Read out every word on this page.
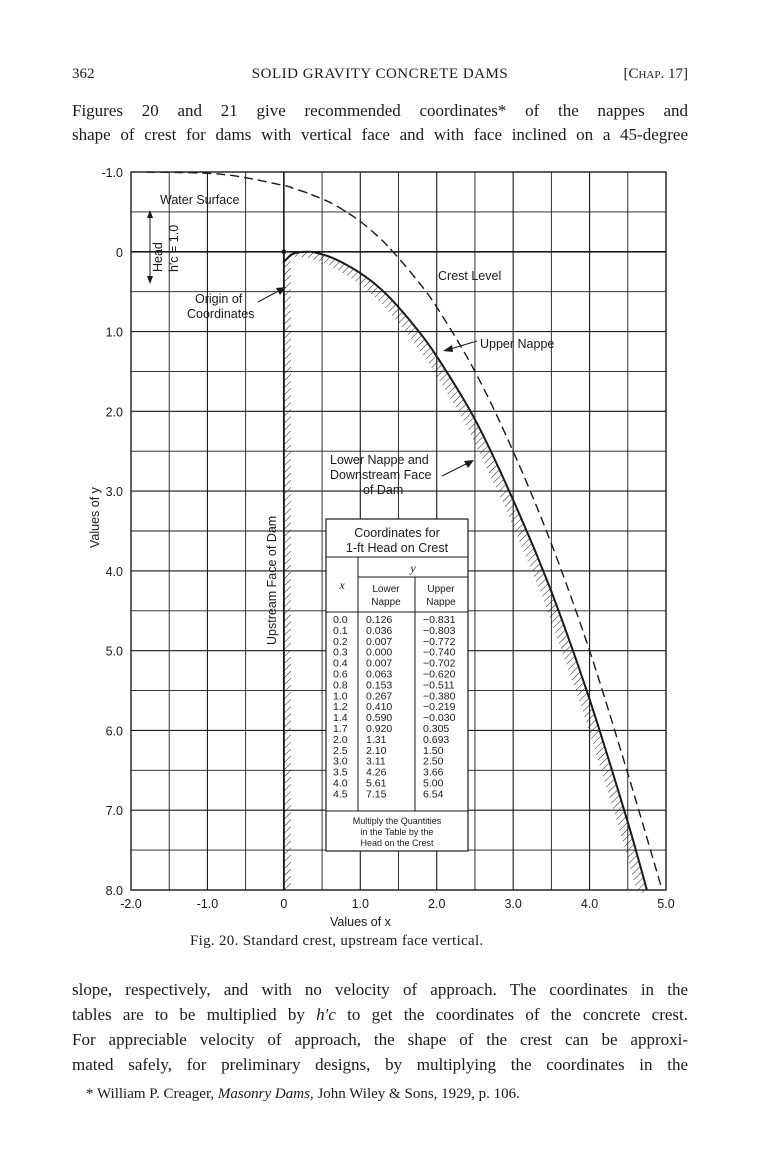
362	SOLID GRAVITY CONCRETE DAMS	[Chap. 17]
Figures 20 and 21 give recommended coordinates* of the nappes and
shape of crest for dams with vertical face and with face inclined on a 45-degree
-2.0	-1.0	0	1.0	2.0	3.0	4.0	5.0
-1.0
0
1.0
2.0
3.0
4.0
5.0
6.0
7.0
8.0
Water Surface
Crest Level
Origin of
Coordinates
Upper Nappe
Lower Nappe and
Downstream Face
of Dam
Head h′c = 1.0
Upstream Face of Dam
Values of y
Values of x
Coordinates for
1-ft Head on Crest
y
x	Lower
Nappe
Upper
Nappe
0.0 0.126	−0.831
0.1 0.036	−0.803
0.2 0.007	−0.772
0.3 0.000	−0.740
0.4 0.007	−0.702
0.6 0.063	−0.620
0.8 0.153	−0.511
1.0 0.267	−0.380
1.2 0.410	−0.219
1.4 0.590	−0.030
1.7 0.920	0.305
2.0 1.31	0.693
2.5 2.10	1.50
3.0 3.11	2.50
3.5 4.26	3.66
4.0 5.61	5.00
4.5 7.15	6.54
Multiply the Quantities
in the Table by the
Head on the Crest
Fig. 20. Standard crest, upstream face vertical.
slope, respectively, and with no velocity of approach. The coordinates in the
tables are to be multiplied by h′c to get the coordinates of the concrete crest.
For appreciable velocity of approach, the shape of the crest can be approxi-
mated safely, for preliminary designs, by multiplying the coordinates in the
* William P. Creager, Masonry Dams, John Wiley & Sons, 1929, p. 106.
